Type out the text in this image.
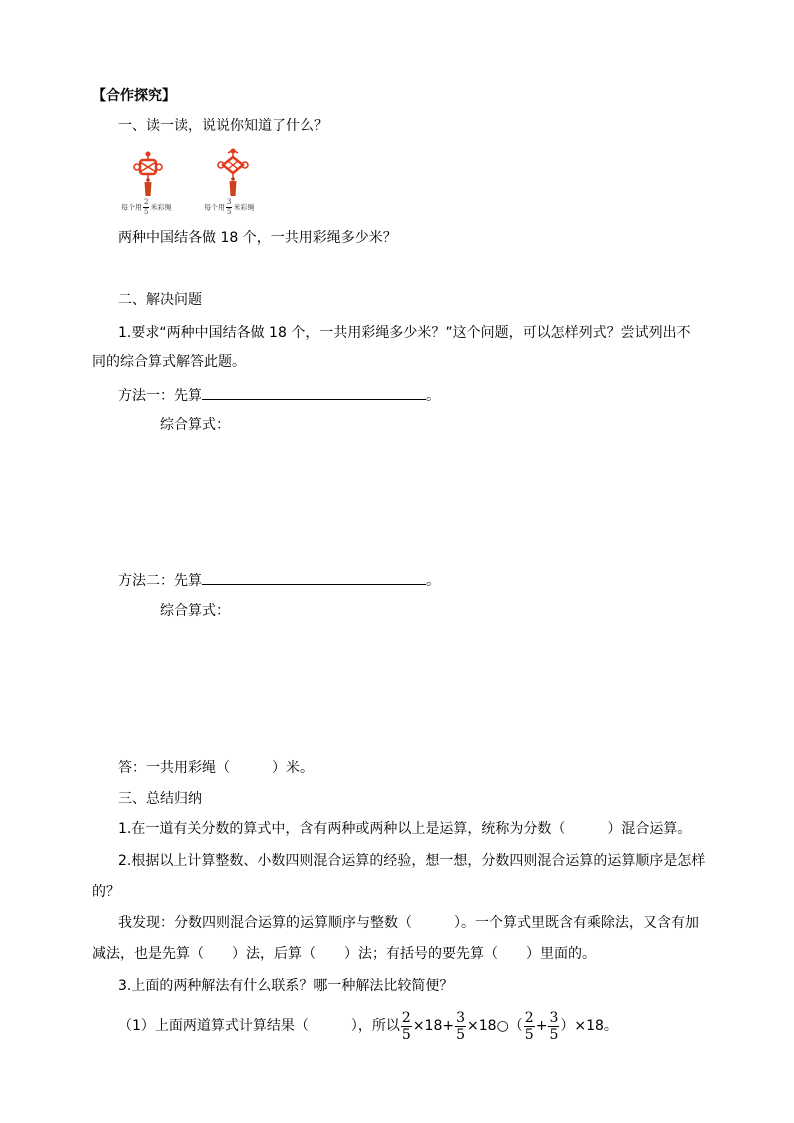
【合作探究】
一、读一读，说说你知道了什么？
每个用 $\frac{2}{5}$ 米彩绳	每个用 $\frac{3}{5}$ 米彩绳
两种中国结各做 18 个，一共用彩绳多少米？
二、解决问题
1.要求“两种中国结各做 18 个，一共用彩绳多少米？”这个问题，可以怎样列式？尝试列出不
同的综合算式解答此题。
方法一：先算	。
综合算式：
方法二：先算	。
综合算式：
答：一共用彩绳（　　　）米。
三、总结归纳
1.在一道有关分数的算式中，含有两种或两种以上是运算，统称为分数（　　　）混合运算。
2.根据以上计算整数、小数四则混合运算的经验，想一想，分数四则混合运算的运算顺序是怎样
的？
我发现：分数四则混合运算的运算顺序与整数（　　　）。一个算式里既含有乘除法，又含有加
减法，也是先算（　　）法，后算（　　）法；有括号的要先算（　　）里面的。
3.上面的两种解法有什么联系？哪一种解法比较简便？
（1）上面两道算式计算结果（　　　），所以 $\frac{2}{5} \times 18+ \frac{3}{5}$ ×18○（ $\frac{2}{5} + \frac{3}{5} )\times 18$。
